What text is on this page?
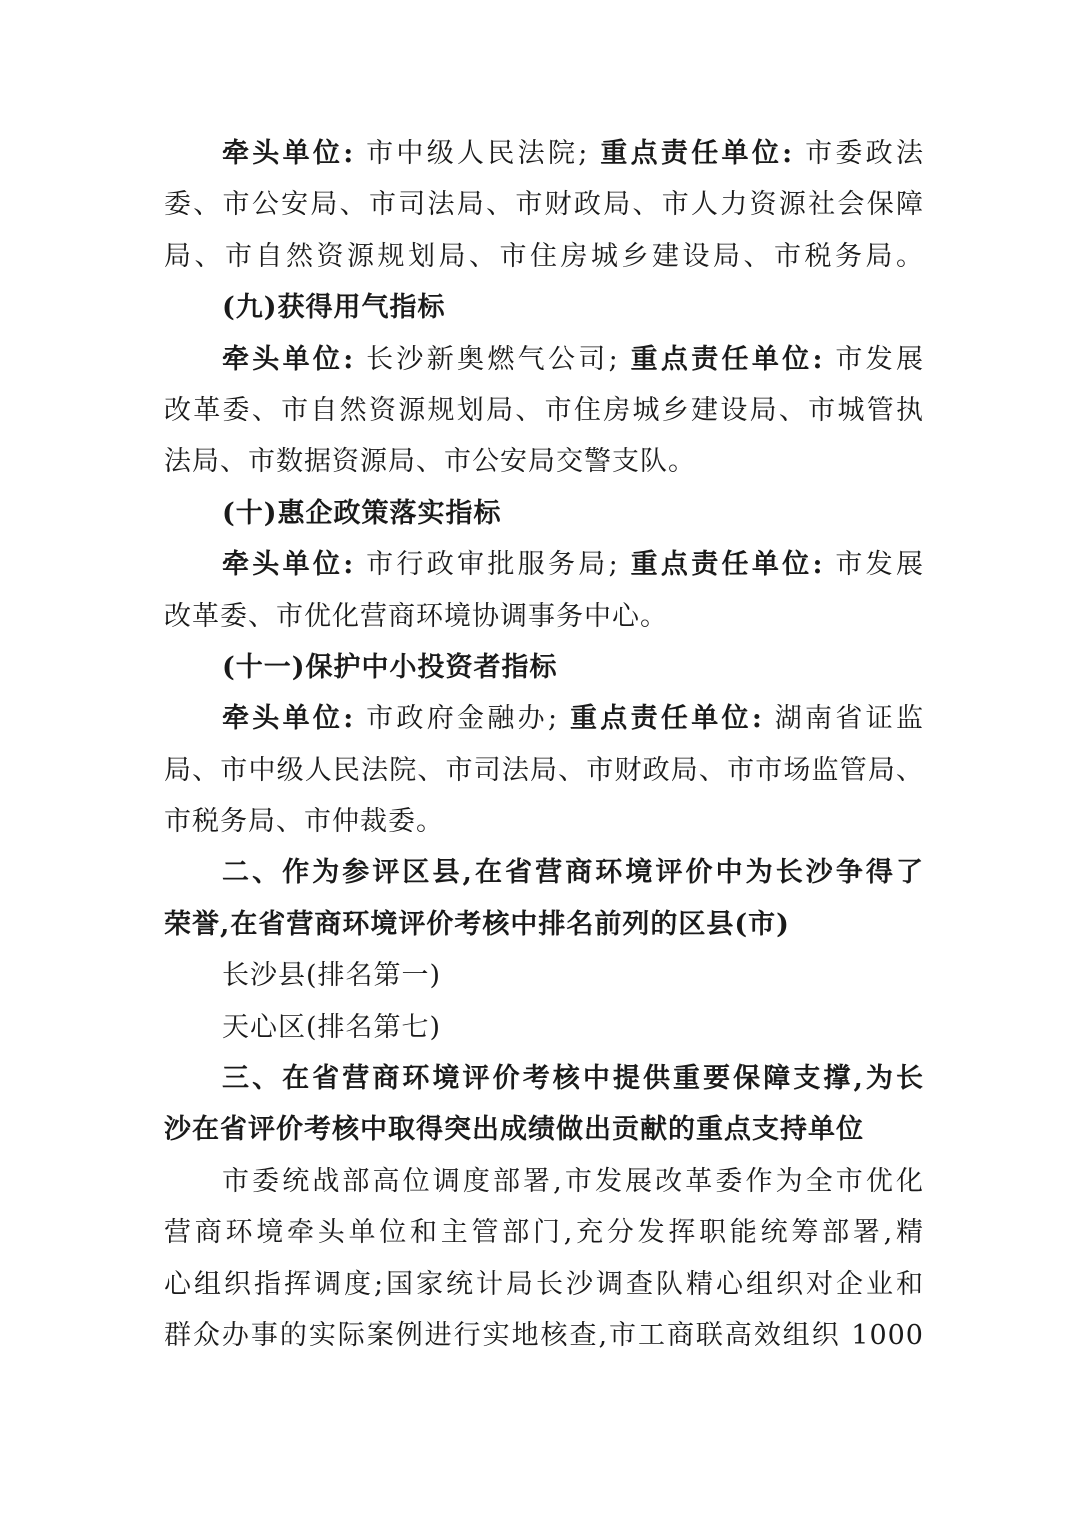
牵头单位: 市中级人民法院; 重点责任单位: 市委政法
委、市公安局、市司法局、市财政局、市人力资源社会保障
局、市自然资源规划局、市住房城乡建设局、市税务局。
(九)获得用气指标
牵头单位: 长沙新奥燃气公司; 重点责任单位: 市发展
改革委、市自然资源规划局、市住房城乡建设局、市城管执
法局、市数据资源局、市公安局交警支队。
(十)惠企政策落实指标
牵头单位: 市行政审批服务局; 重点责任单位: 市发展
改革委、市优化营商环境协调事务中心。
(十一)保护中小投资者指标
牵头单位: 市政府金融办; 重点责任单位: 湖南省证监
局、市中级人民法院、市司法局、市财政局、市市场监管局、
市税务局、市仲裁委。
二、作为参评区县,在省营商环境评价中为长沙争得了
荣誉,在省营商环境评价考核中排名前列的区县(市)
长沙县(排名第一)
天心区(排名第七)
三、在省营商环境评价考核中提供重要保障支撑,为长
沙在省评价考核中取得突出成绩做出贡献的重点支持单位
市委统战部高位调度部署,市发展改革委作为全市优化
营商环境牵头单位和主管部门,充分发挥职能统筹部署,精
心组织指挥调度;国家统计局长沙调查队精心组织对企业和
群众办事的实际案例进行实地核查,市工商联高效组织 1000
